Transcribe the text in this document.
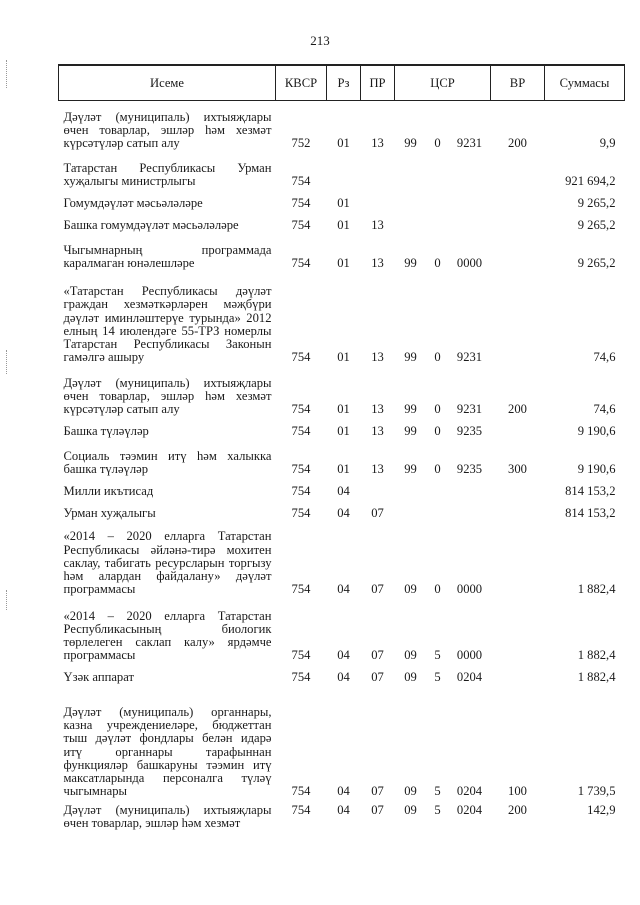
213
Исеме	КВСР	Рз	ПР	ЦСР			ВР	Суммасы
Дәүләт (муниципаль) ихтыяҗлары өчен товарлар, эшләр һәм хезмәт күрсәтүләр сатып алу	752	01	13	99	0	9231	200	9,9
Татарстан Республикасы Урман хуҗалыгы министрлыгы	754							921 694,2
Гомумдәүләт мәсьәләләре	754	01						9 265,2
Башка гомумдәүләт мәсьәләләре	754	01	13					9 265,2
Чыгымнарның программада каралмаган юнәлешләре	754	01	13	99	0	0000		9 265,2
«Татарстан Республикасы дәүләт граждан хезмәткәрләрен мәҗбүри дәүләт иминләштерүе турында» 2012 елның 14 июлендәге 55-ТРЗ номерлы Татарстан Республикасы Законын гамәлгә ашыру	754	01	13	99	0	9231		74,6
Дәүләт (муниципаль) ихтыяҗлары өчен товарлар, эшләр һәм хезмәт күрсәтүләр сатып алу	754	01	13	99	0	9231	200	74,6
Башка түләүләр	754	01	13	99	0	9235		9 190,6
Социаль тәэмин итү һәм халыкка башка түләүләр	754	01	13	99	0	9235	300	9 190,6
Милли икътисад	754	04						814 153,2
Урман хуҗалыгы	754	04	07					814 153,2
«2014 – 2020 елларга Татарстан Республикасы әйләнә-тирә мохитен саклау, табигать ресурсларын торгызу һәм алардан файдалану» дәүләт программасы	754	04	07	09	0	0000		1 882,4
«2014 – 2020 елларга Татарстан Республикасының биологик төрлелеген саклап калу» ярдәмче программасы	754	04	07	09	5	0000		1 882,4
Үзәк аппарат	754	04	07	09	5	0204		1 882,4
Дәүләт (муниципаль) органнары, казна учреждениеләре, бюджеттан тыш дәүләт фондлары белән идарә итү органнары тарафыннан функцияләр башкаруны тәэмин итү максатларында персоналга түләү чыгымнары	754	04	07	09	5	0204	100	1 739,5
Дәүләт (муниципаль) ихтыяҗлары өчен товарлар, эшләр һәм хезмәт	754	04	07	09	5	0204	200	142,9
